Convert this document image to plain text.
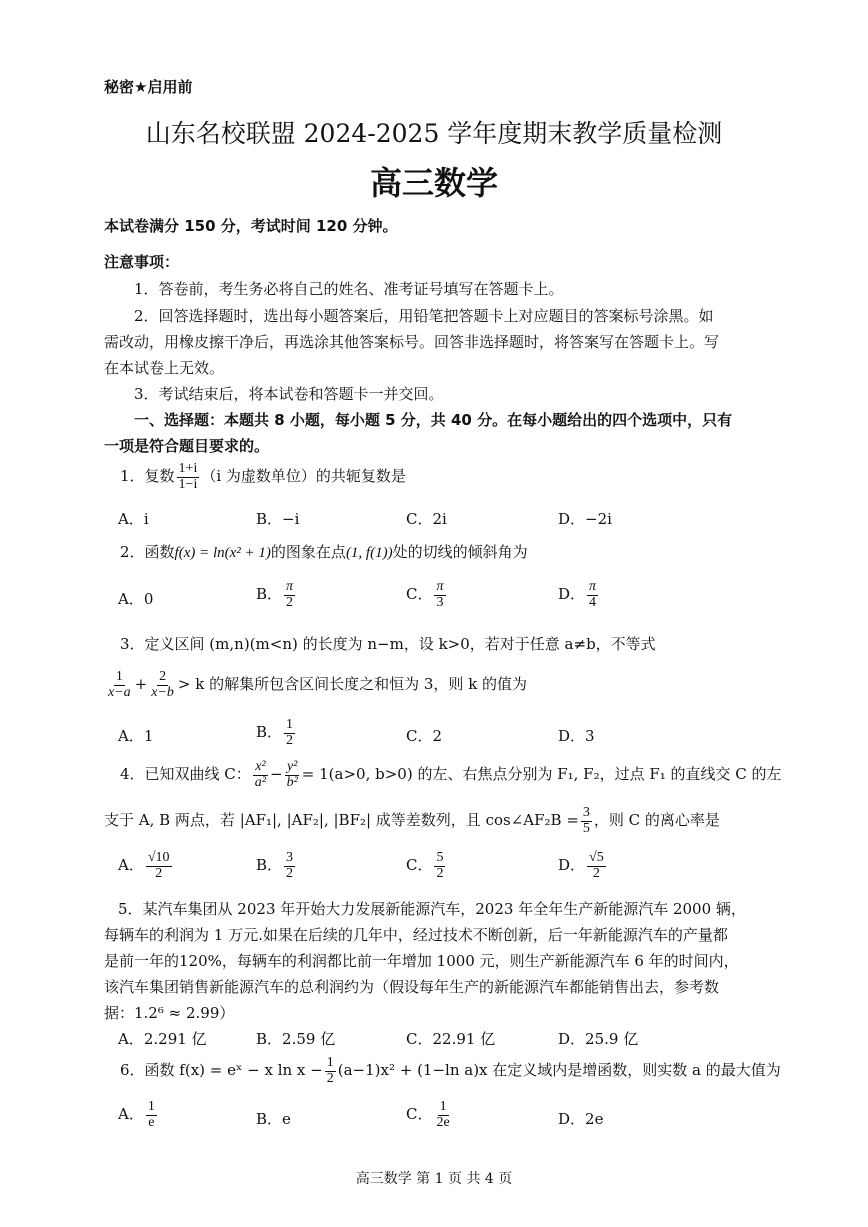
秘密★启用前
山东名校联盟 2024-2025 学年度期末教学质量检测
高三数学
本试卷满分 150 分，考试时间 120 分钟。
注意事项：
1．答卷前，考生务必将自己的姓名、准考证号填写在答题卡上。
2．回答选择题时，选出每小题答案后，用铅笔把答题卡上对应题目的答案标号涂黑。如
需改动，用橡皮擦干净后，再选涂其他答案标号。回答非选择题时，将答案写在答题卡上。写
在本试卷上无效。
3．考试结束后，将本试卷和答题卡一并交回。
一、选择题：本题共 8 小题，每小题 5 分，共 40 分。在每小题给出的四个选项中，只有
一项是符合题目要求的。
1．复数 $\frac{1+i}{1-i} (i$ 为虚数单位）的共轭复数是
A．i	B．−i	C．2i	D．−2i
2．函数f(x) = ln(x² + 1)的图象在点(1, f(1))处的切线的倾斜角为
A．0	B． $\frac{\pi}{2}$	C． $\frac{\pi}{3}$	D． $\frac{\pi}{4}$
3．定义区间 (m,n)(m<n) 的长度为 n−m，设 k>0，若对于任意 a≠b，不等式
$\frac{1}{x-a} + \frac{2}{x-b} > k$ 的解集所包含区间长度之和恒为 3，则 k 的值为
A．1	B． $\frac{1}{2}$	C．2	D．3
4．已知双曲线 C： $\frac{\text{x²}}{\text{a²}} - \frac{\text{y²}}{\text{b²}} = 1(a>0$, b>0) 的左、右焦点分别为 F₁, F₂，过点 F₁ 的直线交 C 的左
支于 A, B 两点，若 |AF₁|, |AF₂|, |BF₂| 成等差数列，且 cos∠AF₂B = $\frac{3}{5}$ ，则 C 的离心率是
A． $\frac{√10}{2}$	B． $\frac{3}{2}$	C． $\frac{5}{2}$	D． $\frac{√5}{2}$
5．某汽车集团从 2023 年开始大力发展新能源汽车，2023 年全年生产新能源汽车 2000 辆，
每辆车的利润为 1 万元.如果在后续的几年中，经过技术不断创新，后一年新能源汽车的产量都
是前一年的120%，每辆车的利润都比前一年增加 1000 元，则生产新能源汽车 6 年的时间内，
该汽车集团销售新能源汽车的总利润约为（假设每年生产的新能源汽车都能销售出去，参考数
据：1.2⁶ ≈ 2.99）
A．2.291 亿	B．2.59 亿	C．22.91 亿	D．25.9 亿
6．函数 f(x) = eˣ − x $\ln x - \frac{1}{2} (a-1)x^2 + (1-\ln$ a)x 在定义域内是增函数，则实数 a 的最大值为
A． $\frac{1}{e}$	B．e	C． $\frac{1}{2e}$	D．2e
高三数学 第 1 页 共 4 页
